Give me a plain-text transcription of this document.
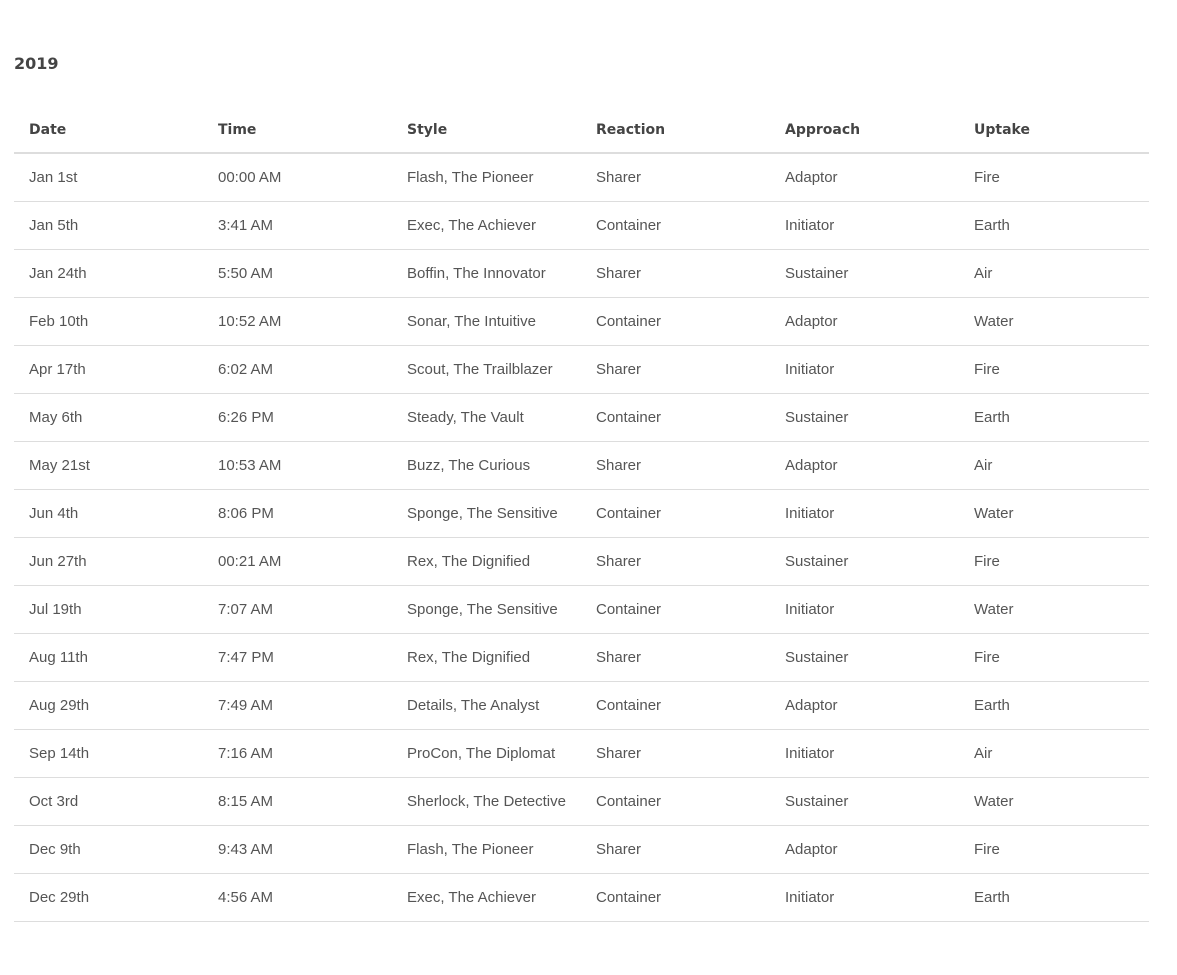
2019
Date	Time	Style	Reaction	Approach	Uptake
Jan 1st	00:00 AM	Flash, The Pioneer	Sharer	Adaptor	Fire
Jan 5th	3:41 AM	Exec, The Achiever	Container	Initiator	Earth
Jan 24th	5:50 AM	Boffin, The Innovator	Sharer	Sustainer	Air
Feb 10th	10:52 AM	Sonar, The Intuitive	Container	Adaptor	Water
Apr 17th	6:02 AM	Scout, The Trailblazer	Sharer	Initiator	Fire
May 6th	6:26 PM	Steady, The Vault	Container	Sustainer	Earth
May 21st	10:53 AM	Buzz, The Curious	Sharer	Adaptor	Air
Jun 4th	8:06 PM	Sponge, The Sensitive	Container	Initiator	Water
Jun 27th	00:21 AM	Rex, The Dignified	Sharer	Sustainer	Fire
Jul 19th	7:07 AM	Sponge, The Sensitive	Container	Initiator	Water
Aug 11th	7:47 PM	Rex, The Dignified	Sharer	Sustainer	Fire
Aug 29th	7:49 AM	Details, The Analyst	Container	Adaptor	Earth
Sep 14th	7:16 AM	ProCon, The Diplomat	Sharer	Initiator	Air
Oct 3rd	8:15 AM	Sherlock, The Detective	Container	Sustainer	Water
Dec 9th	9:43 AM	Flash, The Pioneer	Sharer	Adaptor	Fire
Dec 29th	4:56 AM	Exec, The Achiever	Container	Initiator	Earth
